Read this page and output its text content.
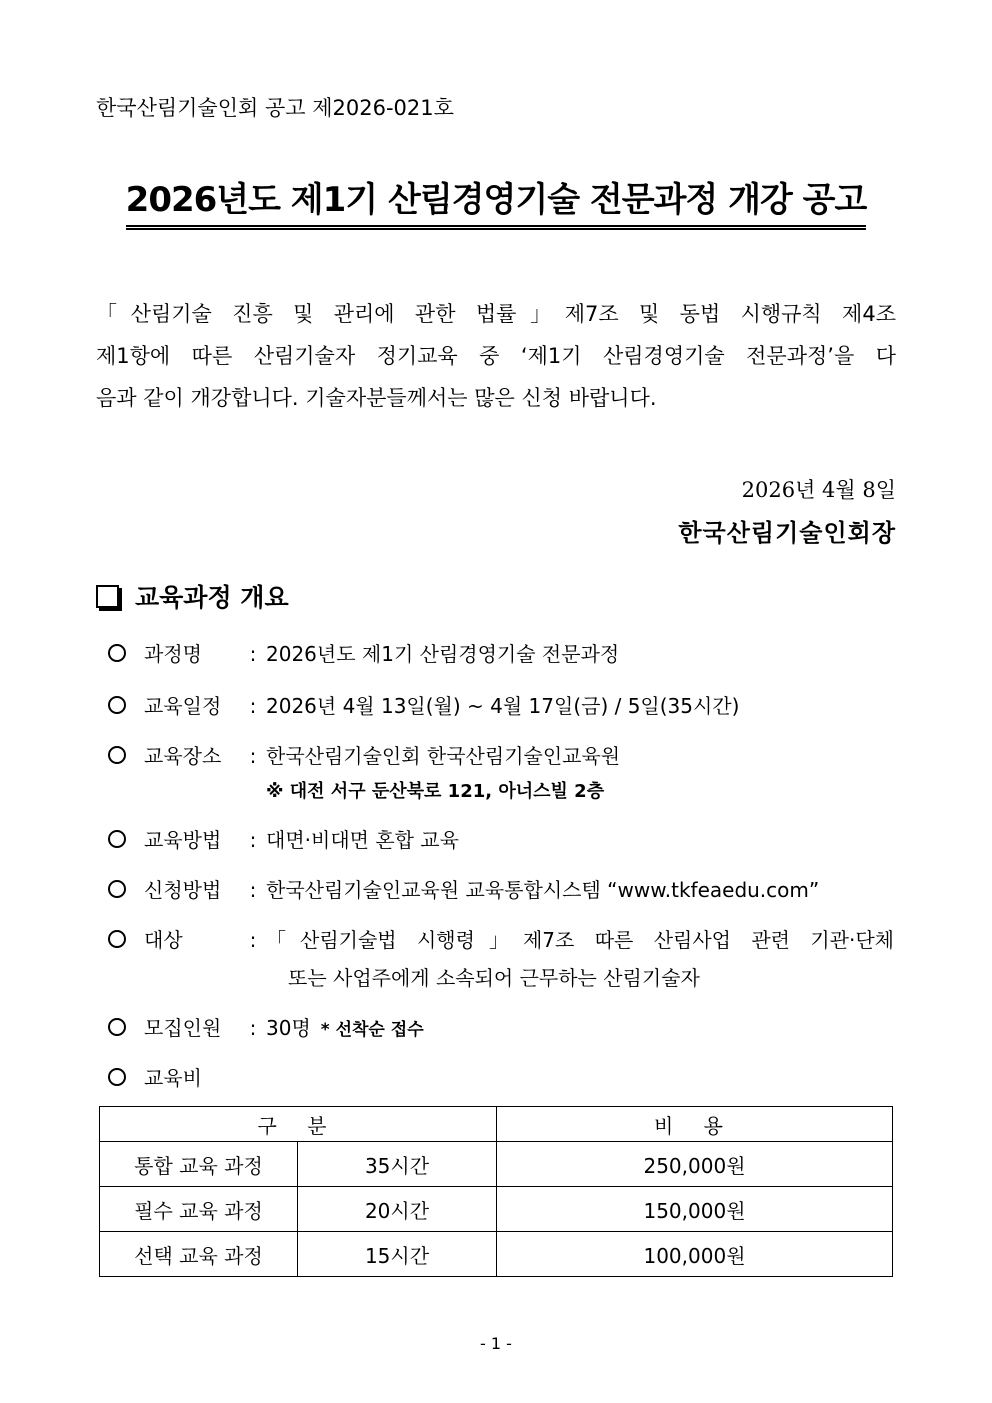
한국산림기술인회 공고 제2026-021호
2026년도 제1기 산림경영기술 전문과정 개강 공고
「산림기술 진흥 및 관리에 관한 법률」제7조 및 동법 시행규칙 제4조
제1항에 따른 산림기술자 정기교육 중 ‘제1기 산림경영기술 전문과정’을 다
음과 같이 개강합니다. 기술자분들께서는 많은 신청 바랍니다.
2026년 4월 8일
한국산림기술인회장
교육과정 개요
과정명	: 2026년도 제1기 산림경영기술 전문과정
교육일정	: 2026년 4월 13일(월) ~ 4월 17일(금) / 5일(35시간)
교육장소	: 한국산림기술인회 한국산림기술인교육원
※ 대전 서구 둔산북로 121, 아너스빌 2층
교육방법	: 대면·비대면 혼합 교육
신청방법	: 한국산림기술인교육원 교육통합시스템 “www.tkfeaedu.com”
대상	: 「산림기술법 시행령」제7조 따른 산림사업 관련 기관·단체
또는 사업주에게 소속되어 근무하는 산림기술자
모집인원	: 30명 * 선착순 접수
교육비
구 분		비 용
통합 교육 과정	35시간	250,000원
필수 교육 과정	20시간	150,000원
선택 교육 과정	15시간	100,000원
- 1 -
